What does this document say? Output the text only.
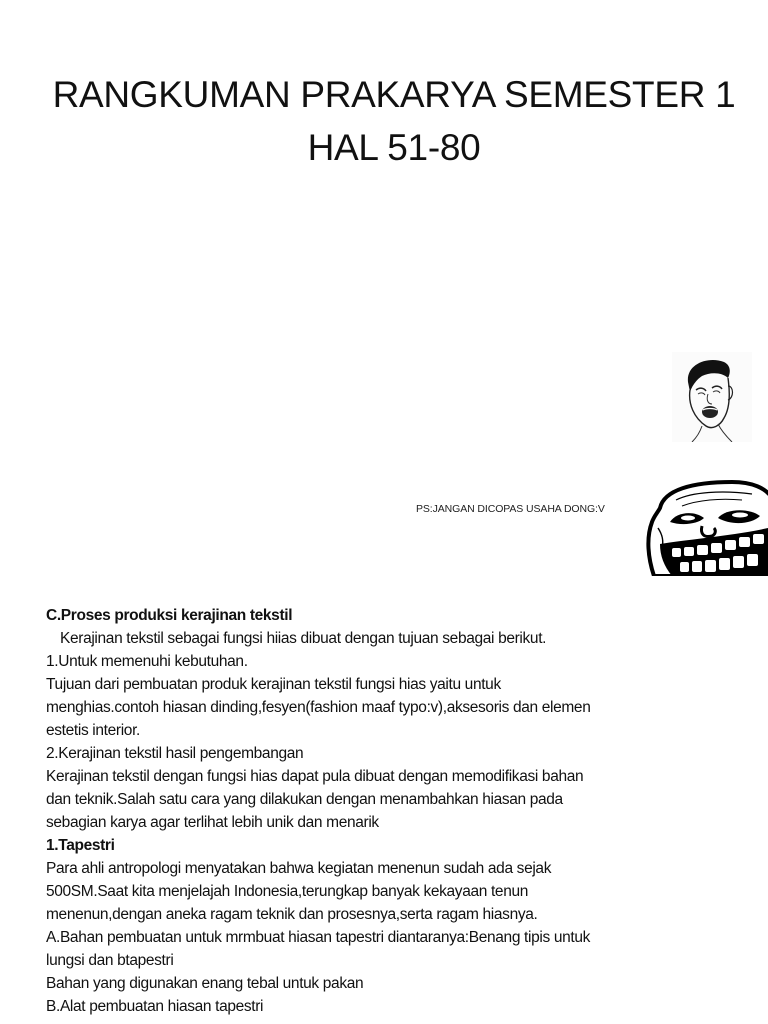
RANGKUMAN PRAKARYA SEMESTER 1
HAL 51-80
PS:JANGAN DICOPAS USAHA DONG:V

C.Proses produksi kerajinan tekstil

Kerajinan tekstil sebagai fungsi hiias dibuat dengan tujuan sebagai berikut.

1.Untuk memenuhi kebutuhan.

Tujuan dari pembuatan produk kerajinan tekstil fungsi hias yaitu untuk

menghias.contoh hiasan dinding,fesyen(fashion maaf typo:v),aksesoris dan elemen

estetis interior.

2.Kerajinan tekstil hasil pengembangan

Kerajinan tekstil dengan fungsi hias dapat pula dibuat dengan memodifikasi bahan

dan teknik.Salah satu cara yang dilakukan dengan menambahkan hiasan pada

sebagian karya agar terlihat lebih unik dan menarik

1.Tapestri

Para ahli antropologi menyatakan bahwa kegiatan menenun sudah ada sejak

500SM.Saat kita menjelajah Indonesia,terungkap banyak kekayaan tenun

menenun,dengan aneka ragam teknik dan prosesnya,serta ragam hiasnya.

A.Bahan pembuatan untuk mrmbuat hiasan tapestri diantaranya:Benang tipis untuk

lungsi dan btapestri

Bahan yang digunakan enang tebal untuk pakan

B.Alat pembuatan hiasan tapestri
